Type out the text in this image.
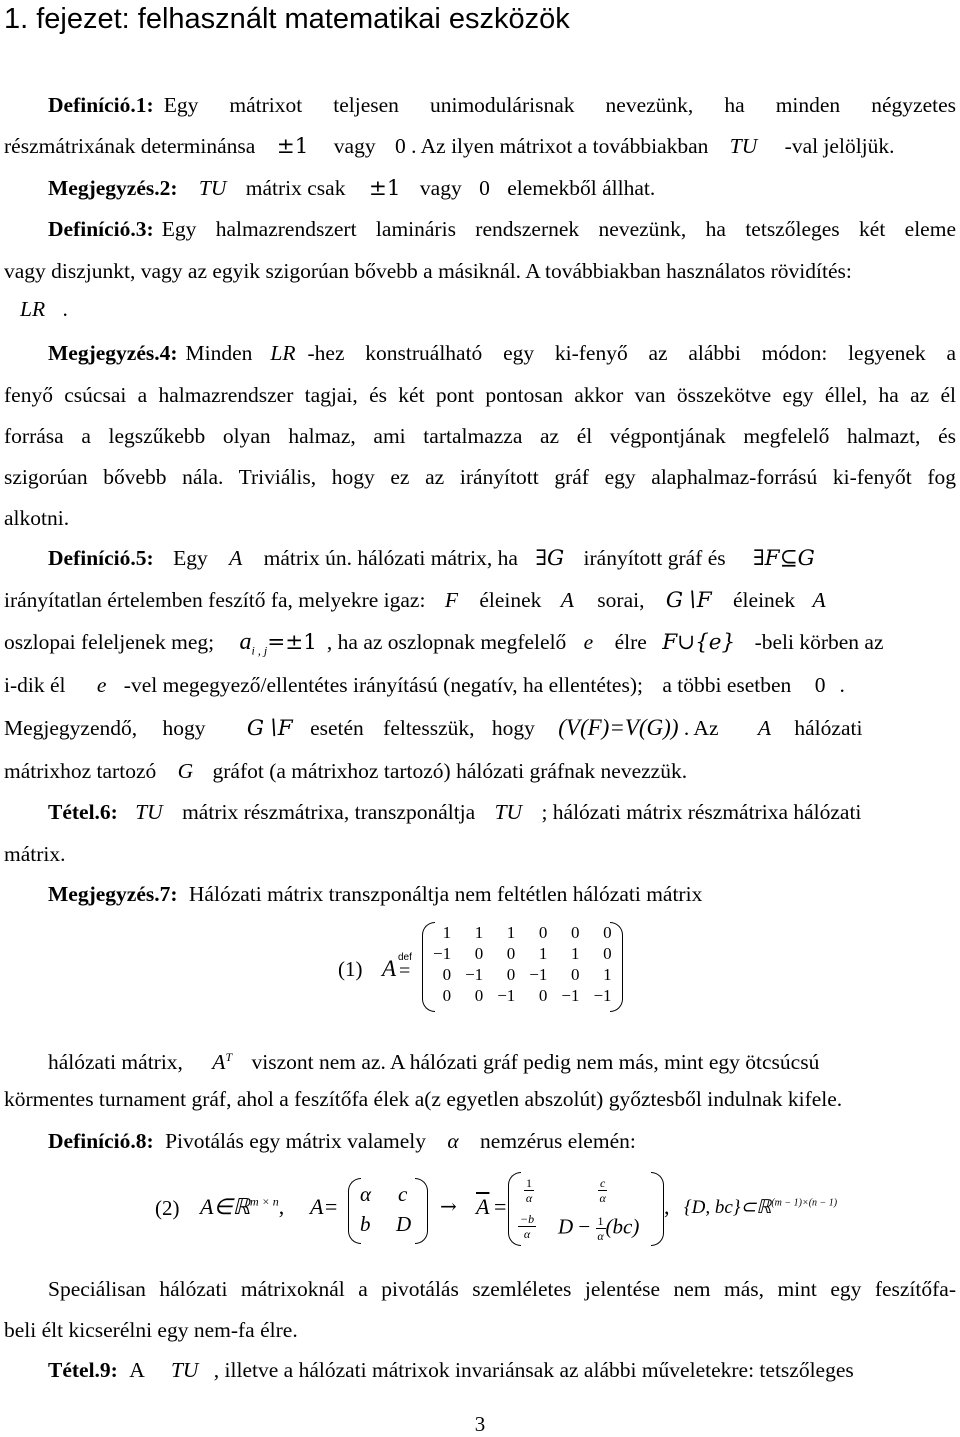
1. fejezet: felhasznált matematikai eszközök
Definíció.1: Egy mátrixot teljesen unimodulárisnak nevezünk, ha minden négyzetes
részmátrixának determinánsa ±1 vagy 0 . Az ilyen mátrixot a továbbiakban TU -val jelöljük.
Megjegyzés.2: TU mátrix csak ±1 vagy 0 elemekből állhat.
Definíció.3: Egy halmazrendszert lamináris rendszernek nevezünk, ha tetszőleges két eleme
vagy diszjunkt, vagy az egyik szigorúan bővebb a másiknál. A továbbiakban használatos rövidítés:
LR .
Megjegyzés.4: Minden LR -hez konstruálható egy ki-fenyő az alábbi módon: legyenek a
fenyő csúcsai a halmazrendszer tagjai, és két pont pontosan akkor van összekötve egy éllel, ha az él
forrása a legszűkebb olyan halmaz, ami tartalmazza az él végpontjának megfelelő halmazt, és
szigorúan bővebb nála. Triviális, hogy ez az irányított gráf egy alaphalmaz-forrású ki-fenyőt fog
alkotni.
Definíció.5: Egy A mátrix ún. hálózati mátrix, ha ∃G irányított gráf és ∃F⊆G
irányítatlan értelemben feszítő fa, melyekre igaz: F éleinek A sorai, G∖F éleinek A
oszlopai feleljenek meg; $a_{i , j}=\pm 1$ , ha az oszlopnak megfelelő e élre F∪{e} -beli körben az
i-dik él e -vel megegyező/ellentétes irányítású (negatív, ha ellentétes); a többi esetben 0 .
Megjegyzendő, hogy G∖F esetén feltesszük, hogy (V(F)=V(G)) . Az A hálózati
mátrixhoz tartozó G gráfot (a mátrixhoz tartozó) hálózati gráfnak nevezzük.
Tétel.6: TU mátrix részmátrixa, transzponáltja TU ; hálózati mátrix részmátrixa hálózati
mátrix.
Megjegyzés.7: Hálózati mátrix transzponáltja nem feltétlen hálózati mátrix
(1) A def
=
1	1	1	0	0	0
−1	0	0	1	1	0
0	−1	0	−1	0	1
0	0	−1	0	−1	−1
hálózati mátrix, $A^T$ viszont nem az. A hálózati gráf pedig nem más, mint egy ötcsúcsú
körmentes turnament gráf, ahol a feszítőfa élek a(z egyetlen abszolút) győztesből indulnak kifele.
Definíció.8: Pivotálás egy mátrix valamely α nemzérus elemén:
(2) A∈ℝ$^{m \times n}$, A= α c
b D
→ $\overline{A}$ =
$\frac{1}{\alpha}$	$\frac{c}{\alpha}$
$\frac{-b}{\alpha}$ $D - \frac{1}{\alpha} (bc)$
, {D, bc}⊂ℝ$^{(m - 1)\times(n - 1)}$
Speciálisan hálózati mátrixoknál a pivotálás szemléletes jelentése nem más, mint egy feszítőfa-
beli élt kicserélni egy nem-fa élre.
Tétel.9: A TU , illetve a hálózati mátrixok invariánsak az alábbi műveletekre: tetszőleges
3
